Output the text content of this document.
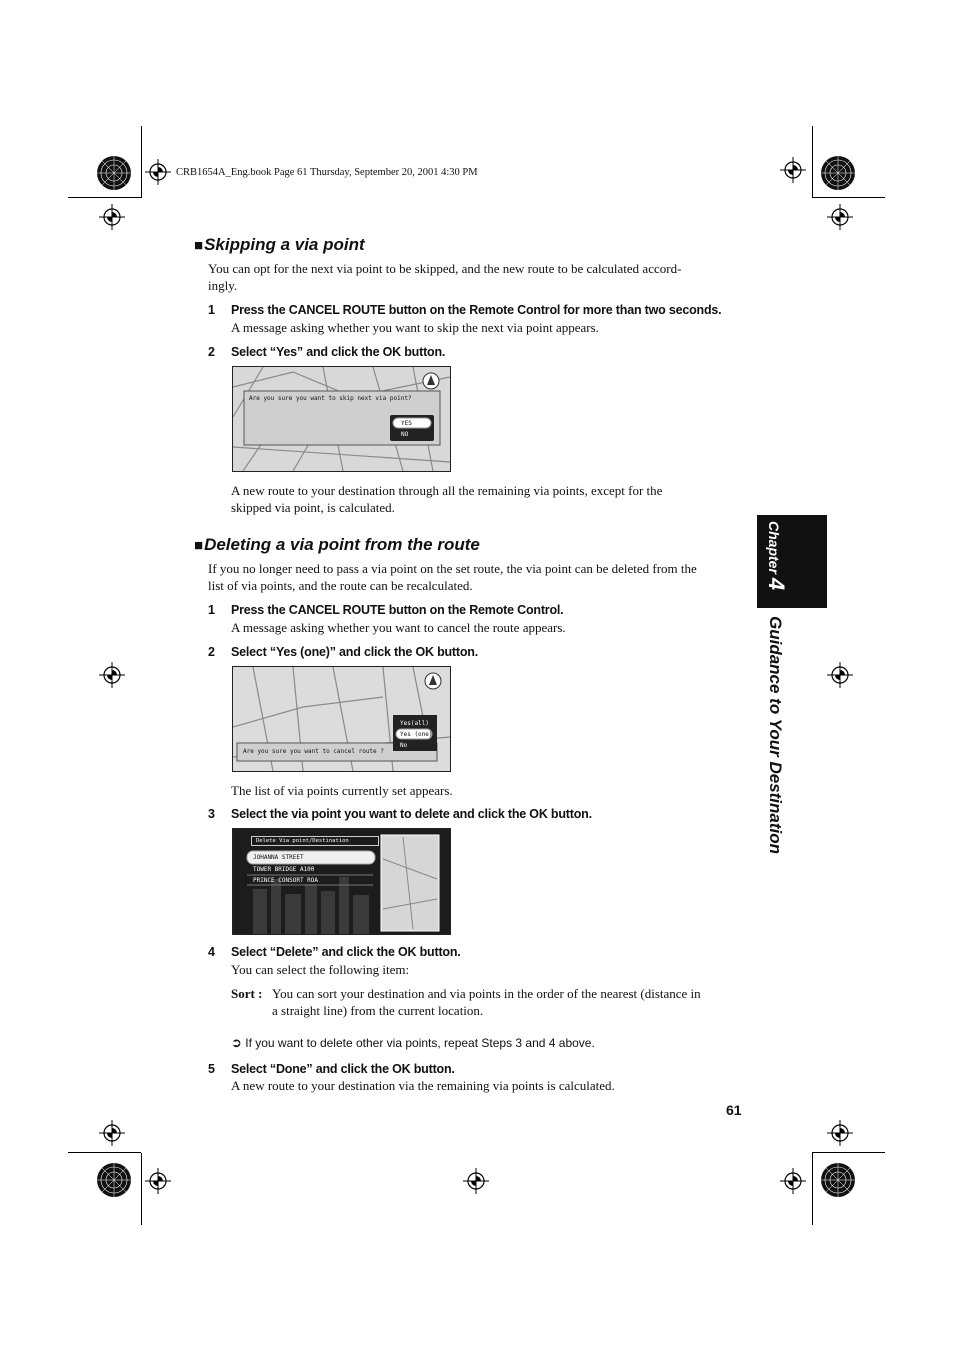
CRB1654A_Eng.book Page 61 Thursday, September 20, 2001 4:30 PM
■Skipping a via point
You can opt for the next via point to be skipped, and the new route to be calculated accord-
ingly.
1 Press the CANCEL ROUTE button on the Remote Control for more than two seconds.
A message asking whether you want to skip the next via point appears.
2 Select “Yes” and click the OK button.
Are you sure you want to skip next via point?
YES
NO
A new route to your destination through all the remaining via points, except for the
skipped via point, is calculated.
■Deleting a via point from the route
If you no longer need to pass a via point on the set route, the via point can be deleted from the
list of via points, and the route can be recalculated.
1 Press the CANCEL ROUTE button on the Remote Control.
A message asking whether you want to cancel the route appears.
2 Select “Yes (one)” and click the OK button.
Are you sure you want to cancel route ?
Yes(all)
Yes (one)
No
The list of via points currently set appears.
3 Select the via point you want to delete and click the OK button.
Delete Via point/Destination
JOHANNA STREET
TOWER BRIDGE A100
PRINCE CONSORT ROA
4 Select “Delete” and click the OK button.
You can select the following item:
Sort : You can sort your destination and via points in the order of the nearest (distance in
a straight line) from the current location.
➲ If you want to delete other via points, repeat Steps 3 and 4 above.
5 Select “Done” and click the OK button.
A new route to your destination via the remaining via points is calculated.
61
Chapter 4
Guidance to Your Destination
